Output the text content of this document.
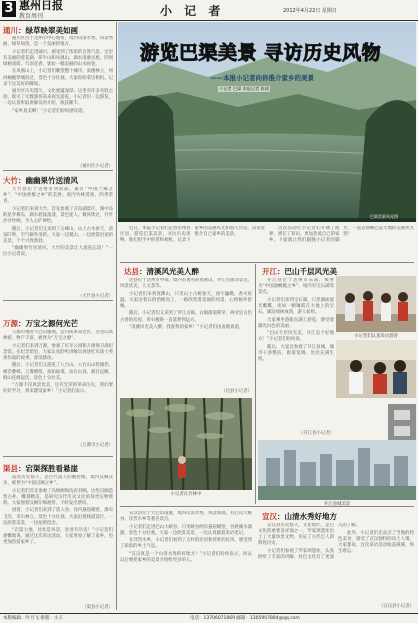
3 惠州日报
教育周刊	小 记 者	2012年4月22日 星期日
游览巴渠美景 寻访历史风物
——本报小记者向你推介家乡的美景
小记者 巴渠 本报记者 陈斌
巴渠美景风光图
通川：绿草映翠美如画

通川区位于达州市中心地带，境内山清水秀，风景秀丽，绿草如茵，是一个美丽的地方。

小记者们走进通川，感受到了浓浓的自然气息。这里有美丽的莲花湖、犀牛山和凤凰山。湖水清澈见底，四周绿树成荫，鸟语花香，犹如一幅美丽的山水画卷。

在凤凰山上，小记者们眺望整个城市，高楼林立，州河蜿蜒穿城而过，景色十分壮观。大家纷纷拿出相机，记录下这美好的瞬间。

通川区历史悠久，文化底蕴深厚。这里有许多名胜古迹，吸引了无数游客前来观光游览。小记者们一边游览，一边认真听取讲解员的介绍，收获颇丰。

“家乡真美啊！”小记者们纷纷感叹道。

（通川区小记者）
大竹：幽幽果竹送清风

大竹县位于达州市西南部，素有“中国苎麻之乡”、“中国香椿之乡”的美誉。境内竹林茂密，四季常青。

小记者们来到大竹，首先参观了百岛湖景区。湖中岛屿星罗棋布，湖水碧波荡漾，景色迷人。微风吹过，竹叶沙沙作响，令人心旷神怡。

随后，小记者们又来到了五峰山，山上古木参天，清泉叮咚，空气格外清新。大家一边爬山，一边欣赏沿途的美景，个个兴致勃勃。

“幽幽果竹送清风，大竹的美景让人流连忘返！”一位小记者说。

（大竹县小记者）
万源：万宝之源何光芒

万源市地处大巴山腹地，是川陕革命老区，这里山高林密，物产丰富，被誉为“万宝之源”。

小记者们来到万源，参观了红军公园和万源保卫战纪念馆。在纪念馆里，大家认真聆听讲解员讲述红军战士英勇作战的故事，深受感动。

随后，小记者们又游览了八台山。八台山山势雄伟，峰峦叠嶂，云雾缭绕，宛如仙境。站在山顶，极目远眺，群山连绵起伏，景色十分壮美。

“万源不仅风景优美，还有光荣的革命历史，我们要好好学习，将来建设家乡！”小记者们表示。

（万源市小记者）
渠县：宕渠探胜看悬崖

渠县历史悠久，是古代賨人的聚居地，境内汉阙众多，被誉为“中国汉阙之乡”。

小记者们首先参观了冯焕阙和沈府君阙。这些汉阙造型古朴，雕刻精美，是研究汉代历史文化的珍贵实物资料。大家围着汉阙仔细观察，不时发出赞叹。

接着，小记者们来到了賨人谷。谷内悬崖峭壁，瀑布飞泻，奇石林立，景色十分壮观。大家沿着栈道前行，一边欣赏美景，一边拍照留念。

“宕渠大地，处处是风景，处处有历史！”小记者们感慨地说。通过这次采访活动，大家更加了解了家乡，也更加热爱家乡了。

（渠县小记者）

近日，本报小记者们走进达州各区县，游览巴渠美景，寻访历史风物。他们用手中的笔和相机，记录下家乡的美丽风光和悠久历史，向读者推介自己家乡的美景。

这次活动让小记者们开阔了眼界，增长了知识，更加热爱自己的家乡。下面就让我们跟随小记者的脚步，一起去领略巴渠大地的美丽风光吧！

达县：清溪风光美人醉

达县位于达州市中部，境内有著名的真佛山、罗江古镇等景点，风景优美，人文荟萃。

小记者们来到真佛山，只见山上古树参天，庙宇巍峨，香火旺盛。大家沿着石阶拾级而上，一路欣赏着美丽的风景，心情格外舒畅。

随后，小记者们又来到了罗江古镇。古镇街道狭窄，两旁是古色古香的房屋，青石板路一直延伸到远方。

“清溪风光美人醉，我爱我的家乡！”小记者们由衷地说道。

（达县小记者）
小记者在竹林中
开江：巴山千层风光美

开江县位于达州市东部，被誉为“中国油橄榄之乡”，境内有宝石湖等景点。

小记者们来到宝石湖，只见湖面波光粼粼，宛如一颗镶嵌在大地上的宝石。湖边绿树成荫，游人如织。

大家乘坐游船在湖上游览，感受着湖光山色的美丽。

“巴山千层风光美，开江是个好地方！”小记者们纷纷说。

随后，大家还参观了开江县城，城市干净整洁，街道宽阔，处处充满生机。

（开江县小记者）
小记者们认真采访游客
开江县城美景

宣汉县位于大巴山南麓，境内山清水秀，风景如画，有巴山大峡谷、洋烈水乡等著名景点。

小记者们走进巴山大峡谷，只见峡谷两岸悬崖峭壁，谷底溪水潺潺，景色十分壮观。大家一边欣赏美景，一边认真做着采访笔记。

在洋烈水乡，小记者们看到了古朴的民居和淳朴的民风，感受到了浓浓的乡土气息。

“宣汉真是一个山清水秀的好地方！”小记者们纷纷表示，回去以后要把家乡的美景介绍给更多的人。

宣汉：山清水秀好地方

宣汉县历史悠久，文化灿烂，是巴文化的重要发祥地之一。罗家坝遗址出土了大量珍贵文物，见证了古代巴人的辉煌历史。

小记者们参观了罗家坝遗址，认真聆听了专家的讲解，对巴文化有了更深入的了解。

此外，小记者们还品尝了当地的特色美食，感受了宣汉独特的风土人情。大家都说，这次采访活动收获满满，终生难忘。

（宣汉县小记者）
本版编辑：叶月飞 排版：小王	电话：13706071869 邮箱：1305907884@qq.com
